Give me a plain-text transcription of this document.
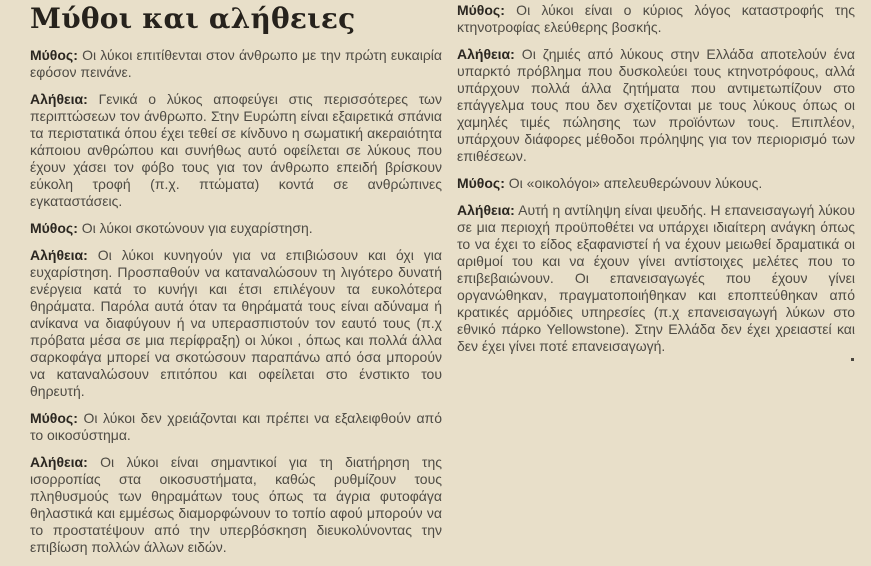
Μύθοι και αλήθειες

Μύθος: Οι λύκοι επιτίθενται στον άνθρωπο με την πρώτη ευκαιρία εφόσον πεινάνε.

Αλήθεια: Γενικά ο λύκος αποφεύγει στις περισσότερες των περιπτώσεων τον άνθρωπο. Στην Ευρώπη είναι εξαιρετικά σπάνια τα περιστατικά όπου έχει τεθεί σε κίνδυνο η σωματική ακεραιότητα κάποιου ανθρώπου και συνήθως αυτό οφείλεται σε λύκους που έχουν χάσει τον φόβο τους για τον άνθρωπο επειδή βρίσκουν εύκολη τροφή (π.χ. πτώματα) κοντά σε ανθρώπινες εγκαταστάσεις.

Μύθος: Οι λύκοι σκοτώνουν για ευχαρίστηση.

Αλήθεια: Οι λύκοι κυνηγούν για να επιβιώσουν και όχι για ευχαρίστηση. Προσπαθούν να καταναλώσουν τη λιγότερο δυνατή ενέργεια κατά το κυνήγι και έτσι επιλέγουν τα ευκολότερα θηράματα. Παρόλα αυτά όταν τα θηράματά τους είναι αδύναμα ή ανίκανα να διαφύγουν ή να υπερασπιστούν τον εαυτό τους (π.χ πρόβατα μέσα σε μια περίφραξη) οι λύκοι , όπως και πολλά άλλα σαρκοφάγα μπορεί να σκοτώσουν παραπάνω από όσα μπορούν να καταναλώσουν επιτόπου και οφείλεται στο ένστικτο του θηρευτή.

Μύθος: Οι λύκοι δεν χρειάζονται και πρέπει να εξαλειφθούν από το οικοσύστημα.

Αλήθεια: Οι λύκοι είναι σημαντικοί για τη διατήρηση της ισορροπίας στα οικοσυστήματα, καθώς ρυθμίζουν τους πληθυσμούς των θηραμάτων τους όπως τα άγρια φυτοφάγα θηλαστικά και εμμέσως διαμορφώνουν το τοπίο αφού μπορούν να το προστατέψουν από την υπερβόσκηση διευκολύνοντας την επιβίωση πολλών άλλων ειδών.

Μύθος: Οι λύκοι είναι ο κύριος λόγος καταστροφής της κτηνοτροφίας ελεύθερης βοσκής.

Αλήθεια: Οι ζημιές από λύκους στην Ελλάδα αποτελούν ένα υπαρκτό πρόβλημα που δυσκολεύει τους κτηνοτρόφους, αλλά υπάρχουν πολλά άλλα ζητήματα που αντιμετωπίζουν στο επάγγελμα τους που δεν σχετίζονται με τους λύκους όπως οι χαμηλές τιμές πώλησης των προϊόντων τους. Επιπλέον, υπάρχουν διάφορες μέθοδοι πρόληψης για τον περιορισμό των επιθέσεων.

Μύθος: Οι «οικολόγοι» απελευθερώνουν λύκους.

Αλήθεια: Αυτή η αντίληψη είναι ψευδής. Η επανεισαγωγή λύκου σε μια περιοχή προϋποθέτει να υπάρχει ιδιαίτερη ανάγκη όπως το να έχει το είδος εξαφανιστεί ή να έχουν μειωθεί δραματικά οι αριθμοί του και να έχουν γίνει αντίστοιχες μελέτες που το επιβεβαιώνουν. Οι επανεισαγωγές που έχουν γίνει οργανώθηκαν, πραγματοποιήθηκαν και εποπτεύθηκαν από κρατικές αρμόδιες υπηρεσίες (π.χ επανεισαγωγή λύκων στο εθνικό πάρκο Yellowstone). Στην Ελλάδα δεν έχει χρειαστεί και δεν έχει γίνει ποτέ επανεισαγωγή.
